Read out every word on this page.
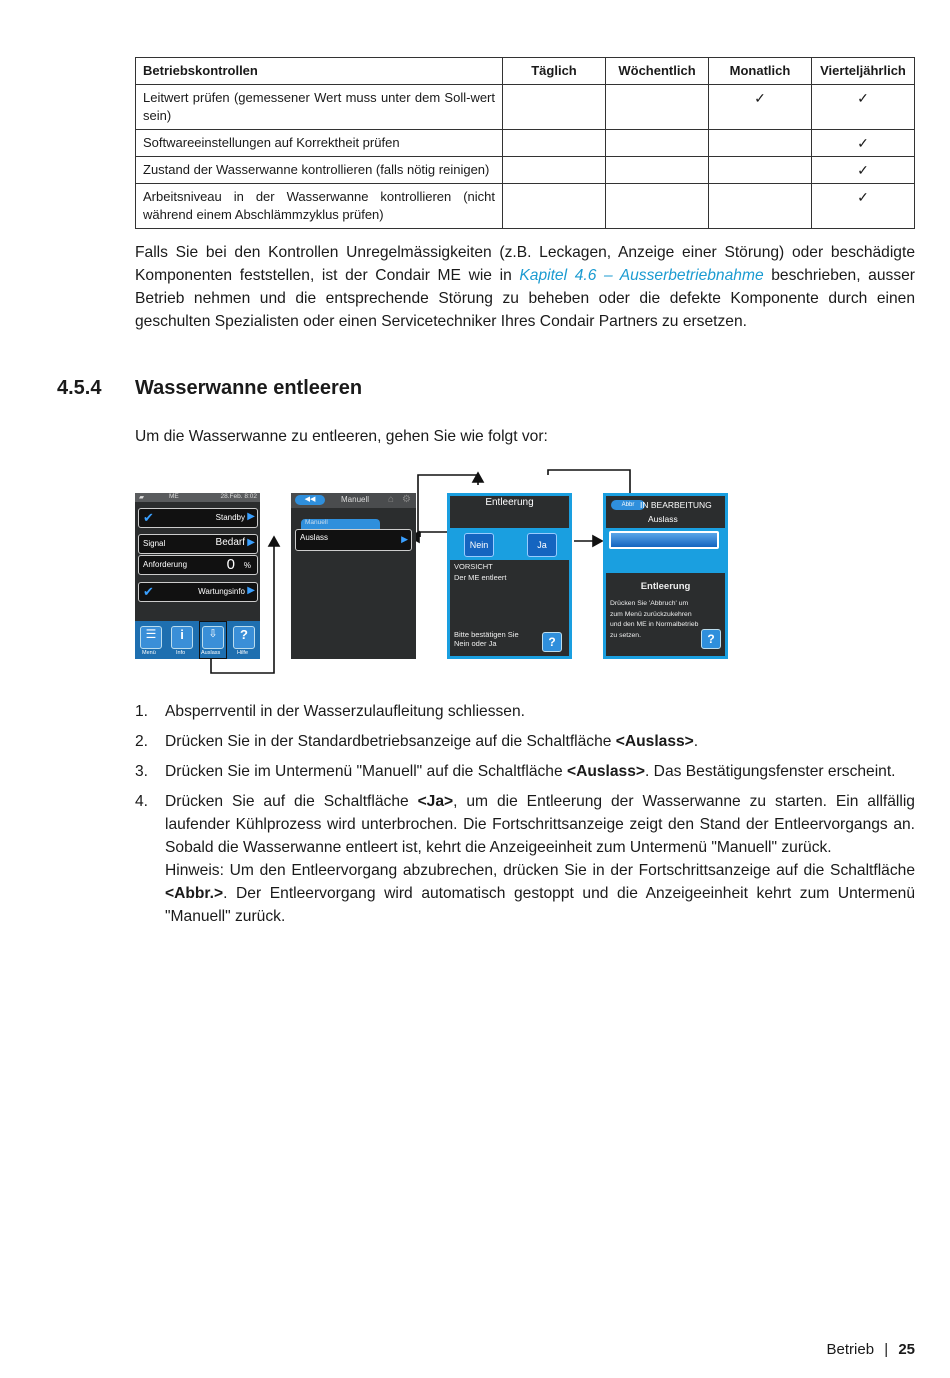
Betriebskontrollen	Täglich	Wöchentlich	Monatlich	Vierteljährlich
Leitwert prüfen (gemessener Wert muss unter dem Soll-wert sein)			✓	✓
Softwareeinstellungen auf Korrektheit prüfen				✓
Zustand der Wasserwanne kontrollieren (falls nötig reinigen)				✓
Arbeitsniveau in der Wasserwanne kontrollieren (nicht während einem Abschlämmzyklus prüfen)				✓

Falls Sie bei den Kontrollen Unregelmässigkeiten (z.B. Leckagen, Anzeige einer Störung) oder beschädigte Komponenten feststellen, ist der Condair ME wie in Kapitel 4.6 – Ausserbetriebnahme beschrieben, ausser Betrieb nehmen und die entsprechende Störung zu beheben oder die defekte Komponente durch einen geschulten Spezialisten oder einen Servicetechniker Ihres Condair Partners zu ersetzen.

4.5.4 Wasserwanne entleeren
Um die Wasserwanne zu entleeren, gehen Sie wie folgt vor:
▰	ME	28.Feb. 8:02
✔	Standby ▶
Signal	Bedarf ▶
Anforderung	0 %
✔	Wartungsinfo ▶
☰	i	⇩	?
Menü	Info	Auslass	Hilfe
◀◀	Manuell ⌂ ⚙
Manuell
Auslass	▶
Entleerung
Nein	Ja
VORSICHT
Der ME entleert
Bitte bestätigen Sie Nein oder Ja	?
Abbr IN BEARBEITUNG
Auslass
Entleerung
Drücken Sie 'Abbruch' um zum Menü zurückzukehren und den ME in Normalbetrieb zu setzen.	?
1. Absperrventil in der Wasserzulaufleitung schliessen.
2. Drücken Sie in der Standardbetriebsanzeige auf die Schaltfläche <Auslass>.
3. Drücken Sie im Untermenü "Manuell" auf die Schaltfläche <Auslass>. Das Bestätigungsfenster erscheint.
4. Drücken Sie auf die Schaltfläche <Ja>, um die Entleerung der Wasserwanne zu starten. Ein allfällig laufender Kühlprozess wird unterbrochen. Die Fortschrittsanzeige zeigt den Stand der Entleervorgangs an. Sobald die Wasserwanne entleert ist, kehrt die Anzeigeeinheit zum Untermenü "Manuell" zurück.
Hinweis: Um den Entleervorgang abzubrechen, drücken Sie in der Fortschrittsanzeige auf die Schaltfläche <Abbr.>. Der Entleervorgang wird automatisch gestoppt und die Anzeigeeinheit kehrt zum Untermenü "Manuell" zurück.
Betrieb | 25
